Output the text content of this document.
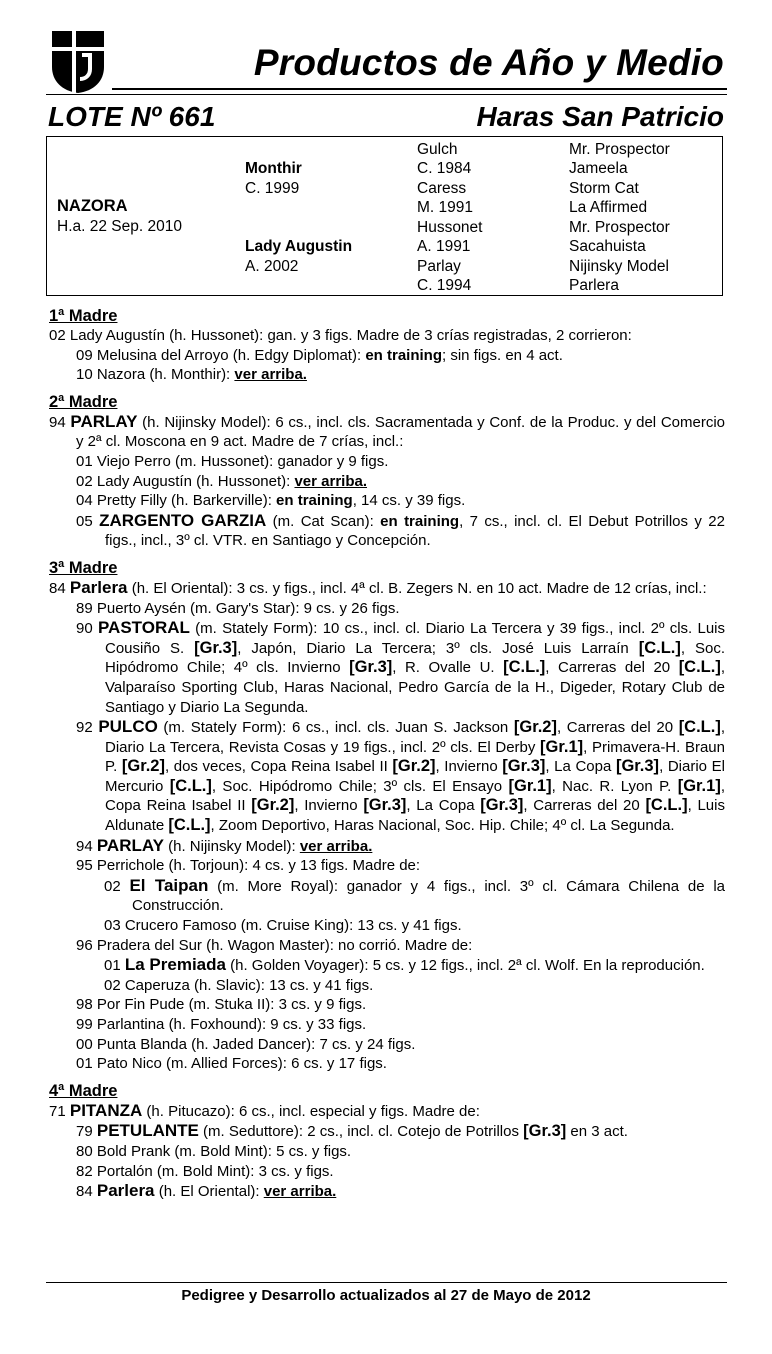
Productos de Año y Medio
LOTE Nº 661	Haras San Patricio
NAZORA
H.a. 22 Sep. 2010
Monthir
C. 1999
Lady Augustin
A. 2002
Gulch
C. 1984
Caress
M. 1991
Hussonet
A. 1991
Parlay
C. 1994
Mr. Prospector
Jameela
Storm Cat
La Affirmed
Mr. Prospector
Sacahuista
Nijinsky Model
Parlera
1ª Madre
02 Lady Augustín (h. Hussonet): gan. y 3 figs. Madre de 3 crías registradas, 2 corrieron:
09 Melusina del Arroyo (h. Edgy Diplomat): en training; sin figs. en 4 act.
10 Nazora (h. Monthir): ver arriba.
2ª Madre
94 PARLAY (h. Nijinsky Model): 6 cs., incl. cls. Sacramentada y Conf. de la Produc. y del Comercio y 2ª cl. Moscona en 9 act. Madre de 7 crías, incl.:
01 Viejo Perro (m. Hussonet): ganador y 9 figs.
02 Lady Augustín (h. Hussonet): ver arriba.
04 Pretty Filly (h. Barkerville): en training, 14 cs. y 39 figs.
05 ZARGENTO GARZIA (m. Cat Scan): en training, 7 cs., incl. cl. El Debut Potrillos y 22 figs., incl., 3º cl. VTR. en Santiago y Concepción.
3ª Madre
84 Parlera (h. El Oriental): 3 cs. y figs., incl. 4ª cl. B. Zegers N. en 10 act. Madre de 12 crías, incl.:
89 Puerto Aysén (m. Gary's Star): 9 cs. y 26 figs.
90 PASTORAL (m. Stately Form): 10 cs., incl. cl. Diario La Tercera y 39 figs., incl. 2º cls. Luis Cousiño S. [Gr.3], Japón, Diario La Tercera; 3º cls. José Luis Larraín [C.L.], Soc. Hipódromo Chile; 4º cls. Invierno [Gr.3], R. Ovalle U. [C.L.], Carreras del 20 [C.L.], Valparaíso Sporting Club, Haras Nacional, Pedro García de la H., Digeder, Rotary Club de Santiago y Diario La Segunda.
92 PULCO (m. Stately Form): 6 cs., incl. cls. Juan S. Jackson [Gr.2], Carreras del 20 [C.L.], Diario La Tercera, Revista Cosas y 19 figs., incl. 2º cls. El Derby [Gr.1], Primavera-H. Braun P. [Gr.2], dos veces, Copa Reina Isabel II [Gr.2], Invierno [Gr.3], La Copa [Gr.3], Diario El Mercurio [C.L.], Soc. Hipódromo Chile; 3º cls. El Ensayo [Gr.1], Nac. R. Lyon P. [Gr.1], Copa Reina Isabel II [Gr.2], Invierno [Gr.3], La Copa [Gr.3], Carreras del 20 [C.L.], Luis Aldunate [C.L.], Zoom Deportivo, Haras Nacional, Soc. Hip. Chile; 4º cl. La Segunda.
94 PARLAY (h. Nijinsky Model): ver arriba.
95 Perrichole (h. Torjoun): 4 cs. y 13 figs. Madre de:
02 El Taipan (m. More Royal): ganador y 4 figs., incl. 3º cl. Cámara Chilena de la Construcción.
03 Crucero Famoso (m. Cruise King): 13 cs. y 41 figs.
96 Pradera del Sur (h. Wagon Master): no corrió. Madre de:
01 La Premiada (h. Golden Voyager): 5 cs. y 12 figs., incl. 2ª cl. Wolf. En la reprodución.
02 Caperuza (h. Slavic): 13 cs. y 41 figs.
98 Por Fin Pude (m. Stuka II): 3 cs. y 9 figs.
99 Parlantina (h. Foxhound): 9 cs. y 33 figs.
00 Punta Blanda (h. Jaded Dancer): 7 cs. y 24 figs.
01 Pato Nico (m. Allied Forces): 6 cs. y 17 figs.
4ª Madre
71 PITANZA (h. Pitucazo): 6 cs., incl. especial y figs. Madre de:
79 PETULANTE (m. Seduttore): 2 cs., incl. cl. Cotejo de Potrillos [Gr.3] en 3 act.
80 Bold Prank (m. Bold Mint): 5 cs. y figs.
82 Portalón (m. Bold Mint): 3 cs. y figs.
84 Parlera (h. El Oriental): ver arriba.
Pedigree y Desarrollo actualizados al 27 de Mayo de 2012
